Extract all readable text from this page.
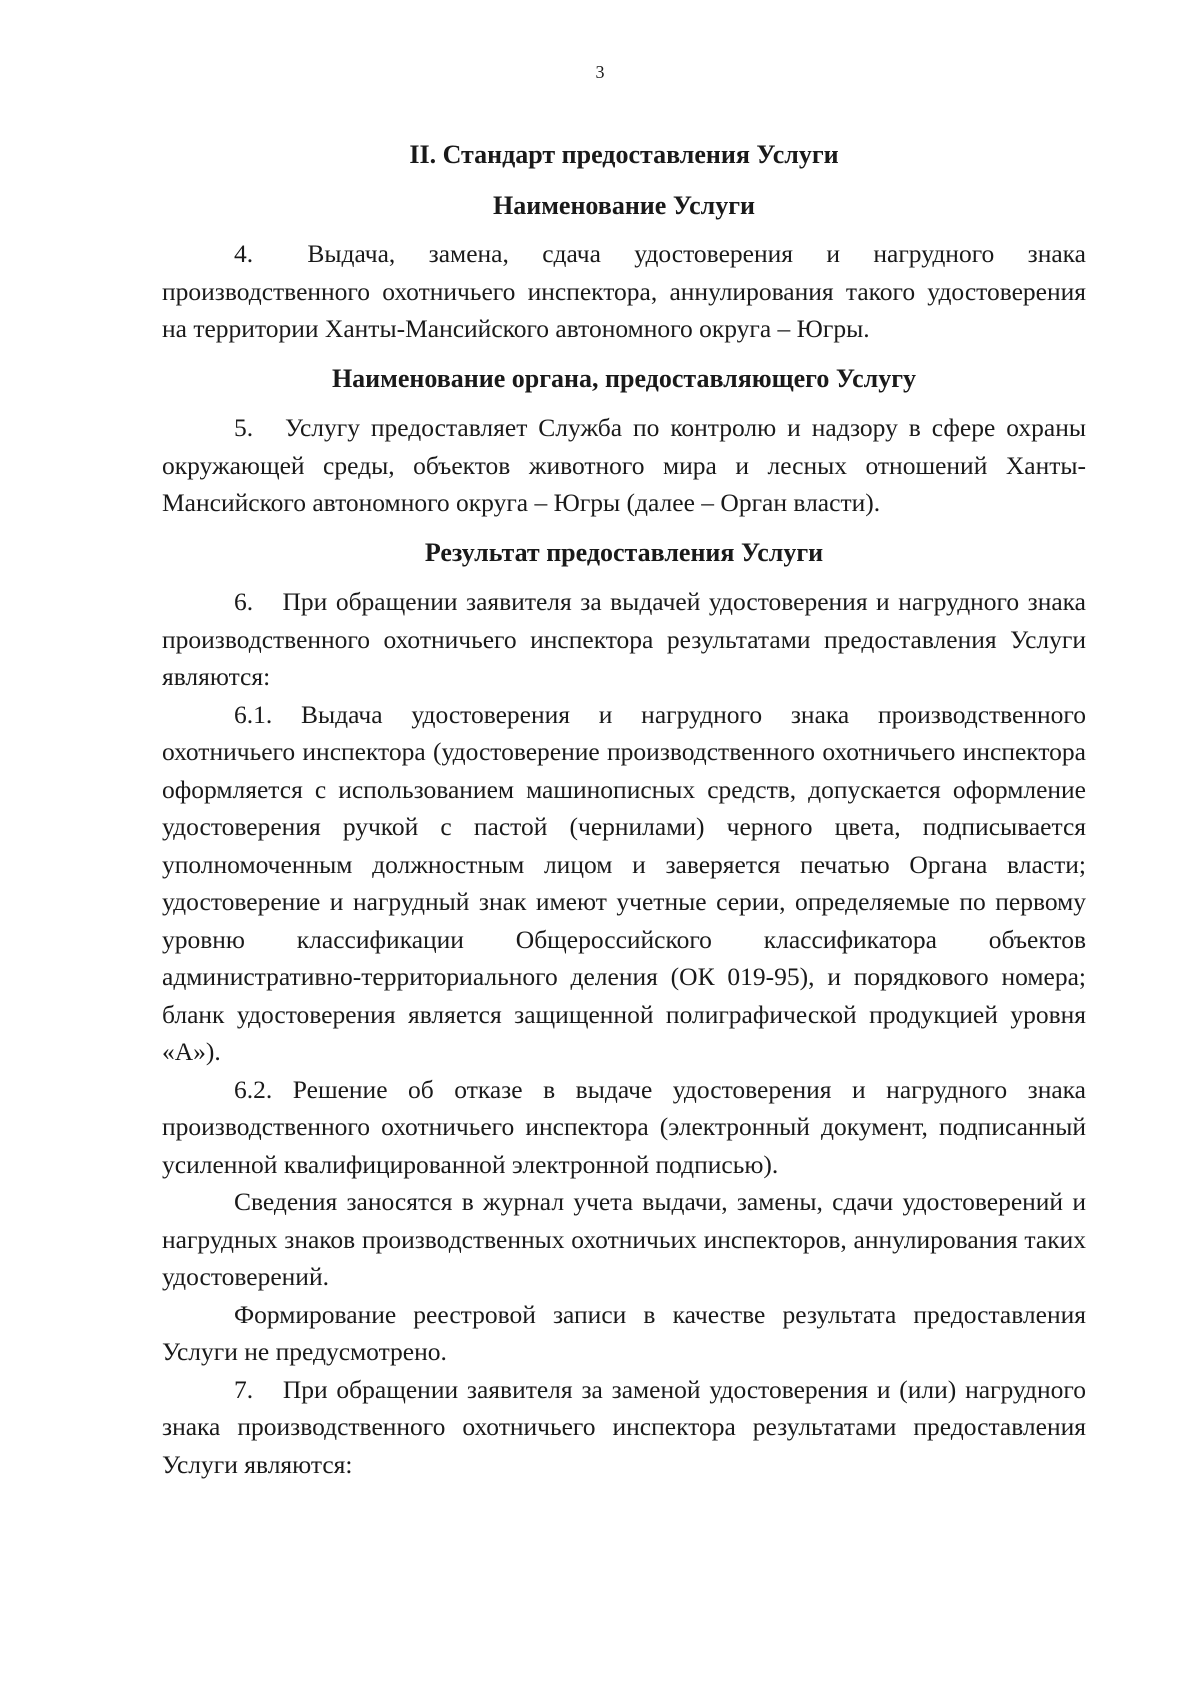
3
II. Стандарт предоставления Услуги
Наименование Услуги

4. Выдача, замена, сдача удостоверения и нагрудного знака производственного охотничьего инспектора, аннулирования такого удостоверения на территории Ханты-Мансийского автономного округа – Югры.

Наименование органа, предоставляющего Услугу

5. Услугу предоставляет Служба по контролю и надзору в сфере охраны окружающей среды, объектов животного мира и лесных отношений Ханты-Мансийского автономного округа – Югры (далее – Орган власти).

Результат предоставления Услуги

6. При обращении заявителя за выдачей удостоверения и нагрудного знака производственного охотничьего инспектора результатами предоставления Услуги являются:

6.1. Выдача удостоверения и нагрудного знака производственного охотничьего инспектора (удостоверение производственного охотничьего инспектора оформляется с использованием машинописных средств, допускается оформление удостоверения ручкой с пастой (чернилами) черного цвета, подписывается уполномоченным должностным лицом и заверяется печатью Органа власти; удостоверение и нагрудный знак имеют учетные серии, определяемые по первому уровню классификации Общероссийского классификатора объектов административно-территориального деления (ОК 019-95), и порядкового номера; бланк удостоверения является защищенной полиграфической продукцией уровня «А»).

6.2. Решение об отказе в выдаче удостоверения и нагрудного знака производственного охотничьего инспектора (электронный документ, подписанный усиленной квалифицированной электронной подписью).

Сведения заносятся в журнал учета выдачи, замены, сдачи удостоверений и нагрудных знаков производственных охотничьих инспекторов, аннулирования таких удостоверений.

Формирование реестровой записи в качестве результата предоставления Услуги не предусмотрено.

7. При обращении заявителя за заменой удостоверения и (или) нагрудного знака производственного охотничьего инспектора результатами предоставления Услуги являются:
